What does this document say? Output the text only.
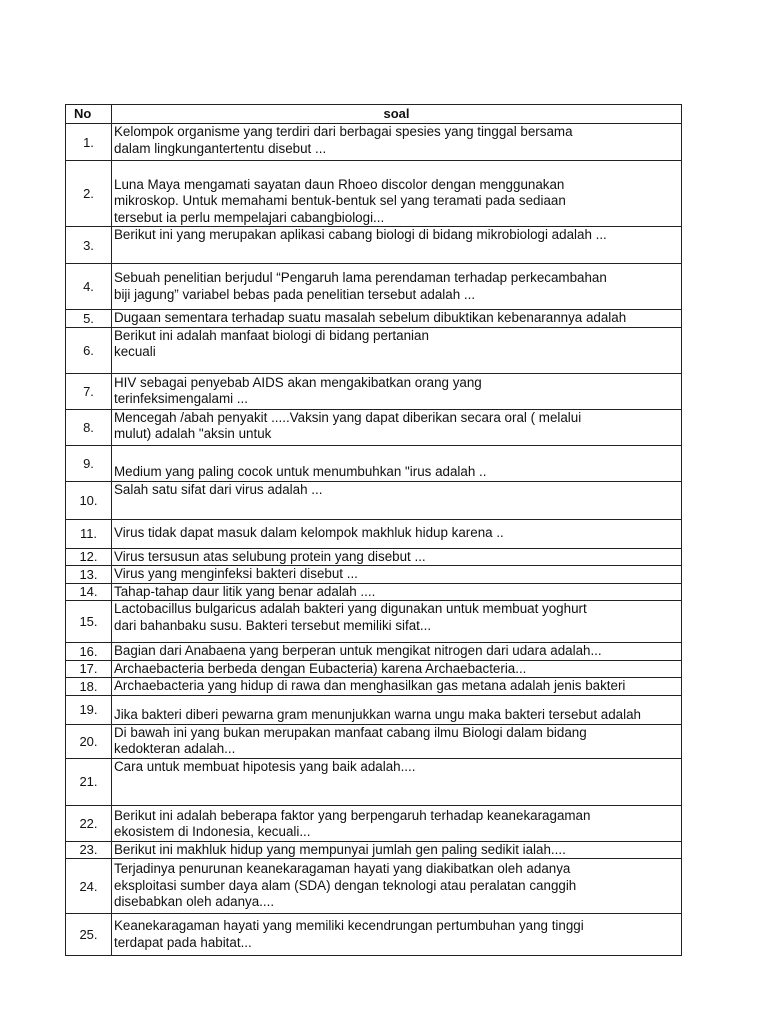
No	soal
1.	Kelompok organisme yang terdiri dari berbagai spesies yang tinggal bersama
dalam lingkungantertentu disebut ...

2.	Luna Maya mengamati sayatan daun Rhoeo discolor dengan menggunakan
mikroskop. Untuk memahami bentuk-bentuk sel yang teramati pada sediaan
tersebut ia perlu mempelajari cabangbiologi...

3.	Berikut ini yang merupakan aplikasi cabang biologi di bidang mikrobiologi adalah ...

4.	Sebuah penelitian berjudul “Pengaruh lama perendaman terhadap perkecambahan
biji jagung” variabel bebas pada penelitian tersebut adalah ...

5.	Dugaan sementara terhadap suatu masalah sebelum dibuktikan kebenarannya adalah

6.	Berikut ini adalah manfaat biologi di bidang pertanian
kecuali

7.	HIV sebagai penyebab AIDS akan mengakibatkan orang yang
terinfeksimengalami ...

8.	Mencegah /abah penyakit .....Vaksin yang dapat diberikan secara oral ( melalui
mulut) adalah "aksin untuk

9.	Medium yang paling cocok untuk menumbuhkan "irus adalah ..

10.	Salah satu sifat dari virus adalah ...

11.	Virus tidak dapat masuk dalam kelompok makhluk hidup karena ..

12.	Virus tersusun atas selubung protein yang disebut ...

13.	Virus yang menginfeksi bakteri disebut ...

14.	Tahap-tahap daur litik yang benar adalah ....

15.	Lactobacillus bulgaricus adalah bakteri yang digunakan untuk membuat yoghurt
dari bahanbaku susu. Bakteri tersebut memiliki sifat...

16.	Bagian dari Anabaena yang berperan untuk mengikat nitrogen dari udara adalah...

17.	Archaebacteria berbeda dengan Eubacteria) karena Archaebacteria...

18.	Archaebacteria yang hidup di rawa dan menghasilkan gas metana adalah jenis bakteri

19.	Jika bakteri diberi pewarna gram menunjukkan warna ungu maka bakteri tersebut adalah

20.	Di bawah ini yang bukan merupakan manfaat cabang ilmu Biologi dalam bidang
kedokteran adalah...

21.	Cara untuk membuat hipotesis yang baik adalah....

22.	Berikut ini adalah beberapa faktor yang berpengaruh terhadap keanekaragaman
ekosistem di Indonesia, kecuali...

23.	Berikut ini makhluk hidup yang mempunyai jumlah gen paling sedikit ialah....

24.	Terjadinya penurunan keanekaragaman hayati yang diakibatkan oleh adanya
eksploitasi sumber daya alam (SDA) dengan teknologi atau peralatan canggih
disebabkan oleh adanya....

25.	Keanekaragaman hayati yang memiliki kecendrungan pertumbuhan yang tinggi
terdapat pada habitat...
